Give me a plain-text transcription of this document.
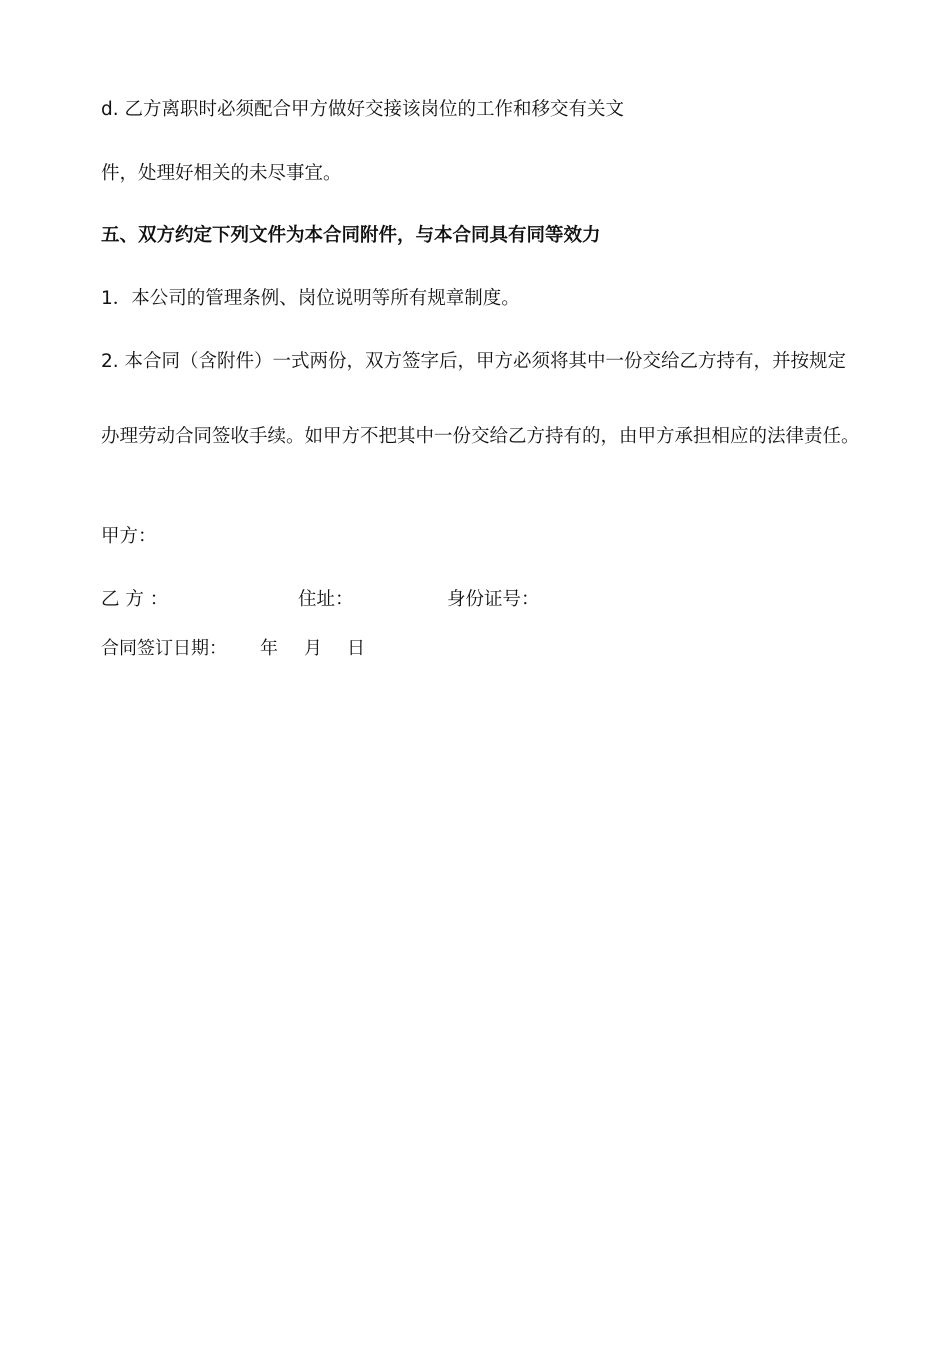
d. 乙方离职时必须配合甲方做好交接该岗位的工作和移交有关文
件，处理好相关的未尽事宜。
五、双方约定下列文件为本合同附件，与本合同具有同等效力
1．本公司的管理条例、岗位说明等所有规章制度。
2. 本合同（含附件）一式两份，双方签字后，甲方必须将其中一份交给乙方持有，并按规定
办理劳动合同签收手续。如甲方不把其中一份交给乙方持有的，由甲方承担相应的法律责任。
甲方：
乙 方 ：	住址：	身份证号：
合同签订日期： 年 月 日
